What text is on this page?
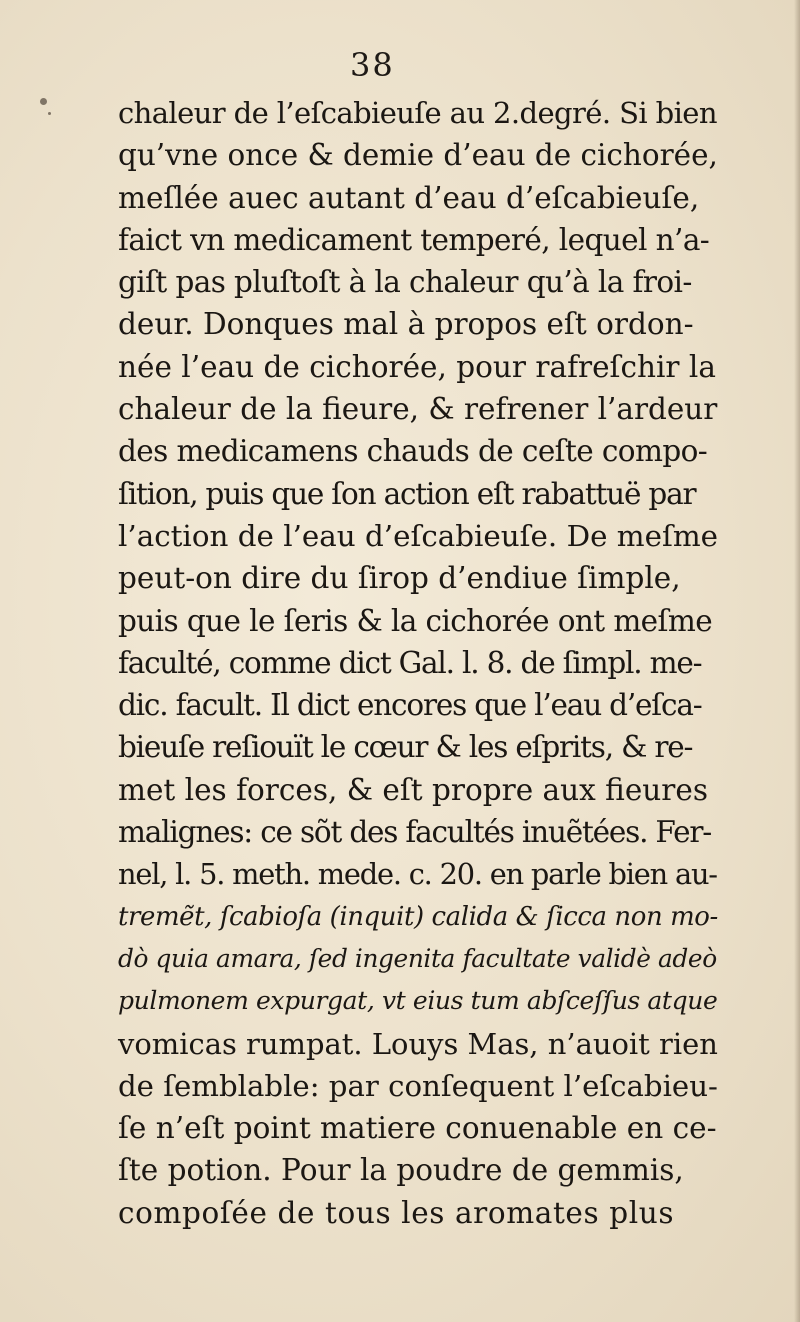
38
chaleur de l’eſcabieuſe au 2.degré. Si bien
qu’vne once & demie d’eau de cichorée,
meſlée auec autant d’eau d’eſcabieuſe,
faict vn medicament temperé, lequel n’a-
giſt pas pluſtoſt à la chaleur qu’à la froi-
deur. Donques mal à propos eſt ordon-
née l’eau de cichorée, pour rafreſchir la
chaleur de la fieure, & refrener l’ardeur
des medicamens chauds de ceſte compo-
ſition, puis que ſon action eſt rabattuë par
l’action de l’eau d’eſcabieuſe. De meſme
peut-on dire du ſirop d’endiue ſimple,
puis que le ſeris & la cichorée ont meſme
faculté, comme dict Gal. l. 8. de ſimpl. me-
dic. facult. Il dict encores que l’eau d’eſca-
bieuſe reſiouït le cœur & les eſprits, & re-
met les forces, & eſt propre aux fieures
malignes: ce sõt des facultés inuẽtées. Fer-
nel, l. 5. meth. mede. c. 20. en parle bien au-
tremẽt, ſcabioſa (inquit) calida & ſicca non mo-
dò quia amara, ſed ingenita facultate validè adeò
pulmonem expurgat, vt eius tum abſceſſus atque
vomicas rumpat. Louys Mas, n’auoit rien
de ſemblable: par conſequent l’eſcabieu-
ſe n’eſt point matiere conuenable en ce-
ſte potion. Pour la poudre de gemmis,
compoſée de tous les aromates plus
